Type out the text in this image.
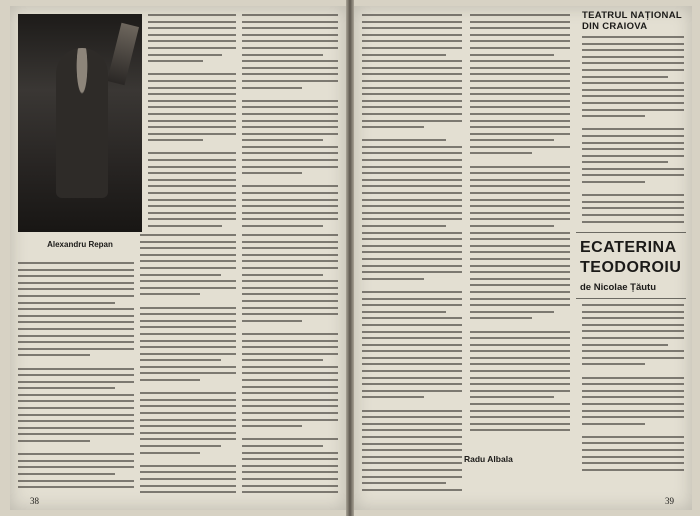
Alexandru Repan
38
TEATRUL NAȚIONAL DIN CRAIOVA
ECATERINA TEODOROIU
de Nicolae Țăutu
Radu Albala
39
